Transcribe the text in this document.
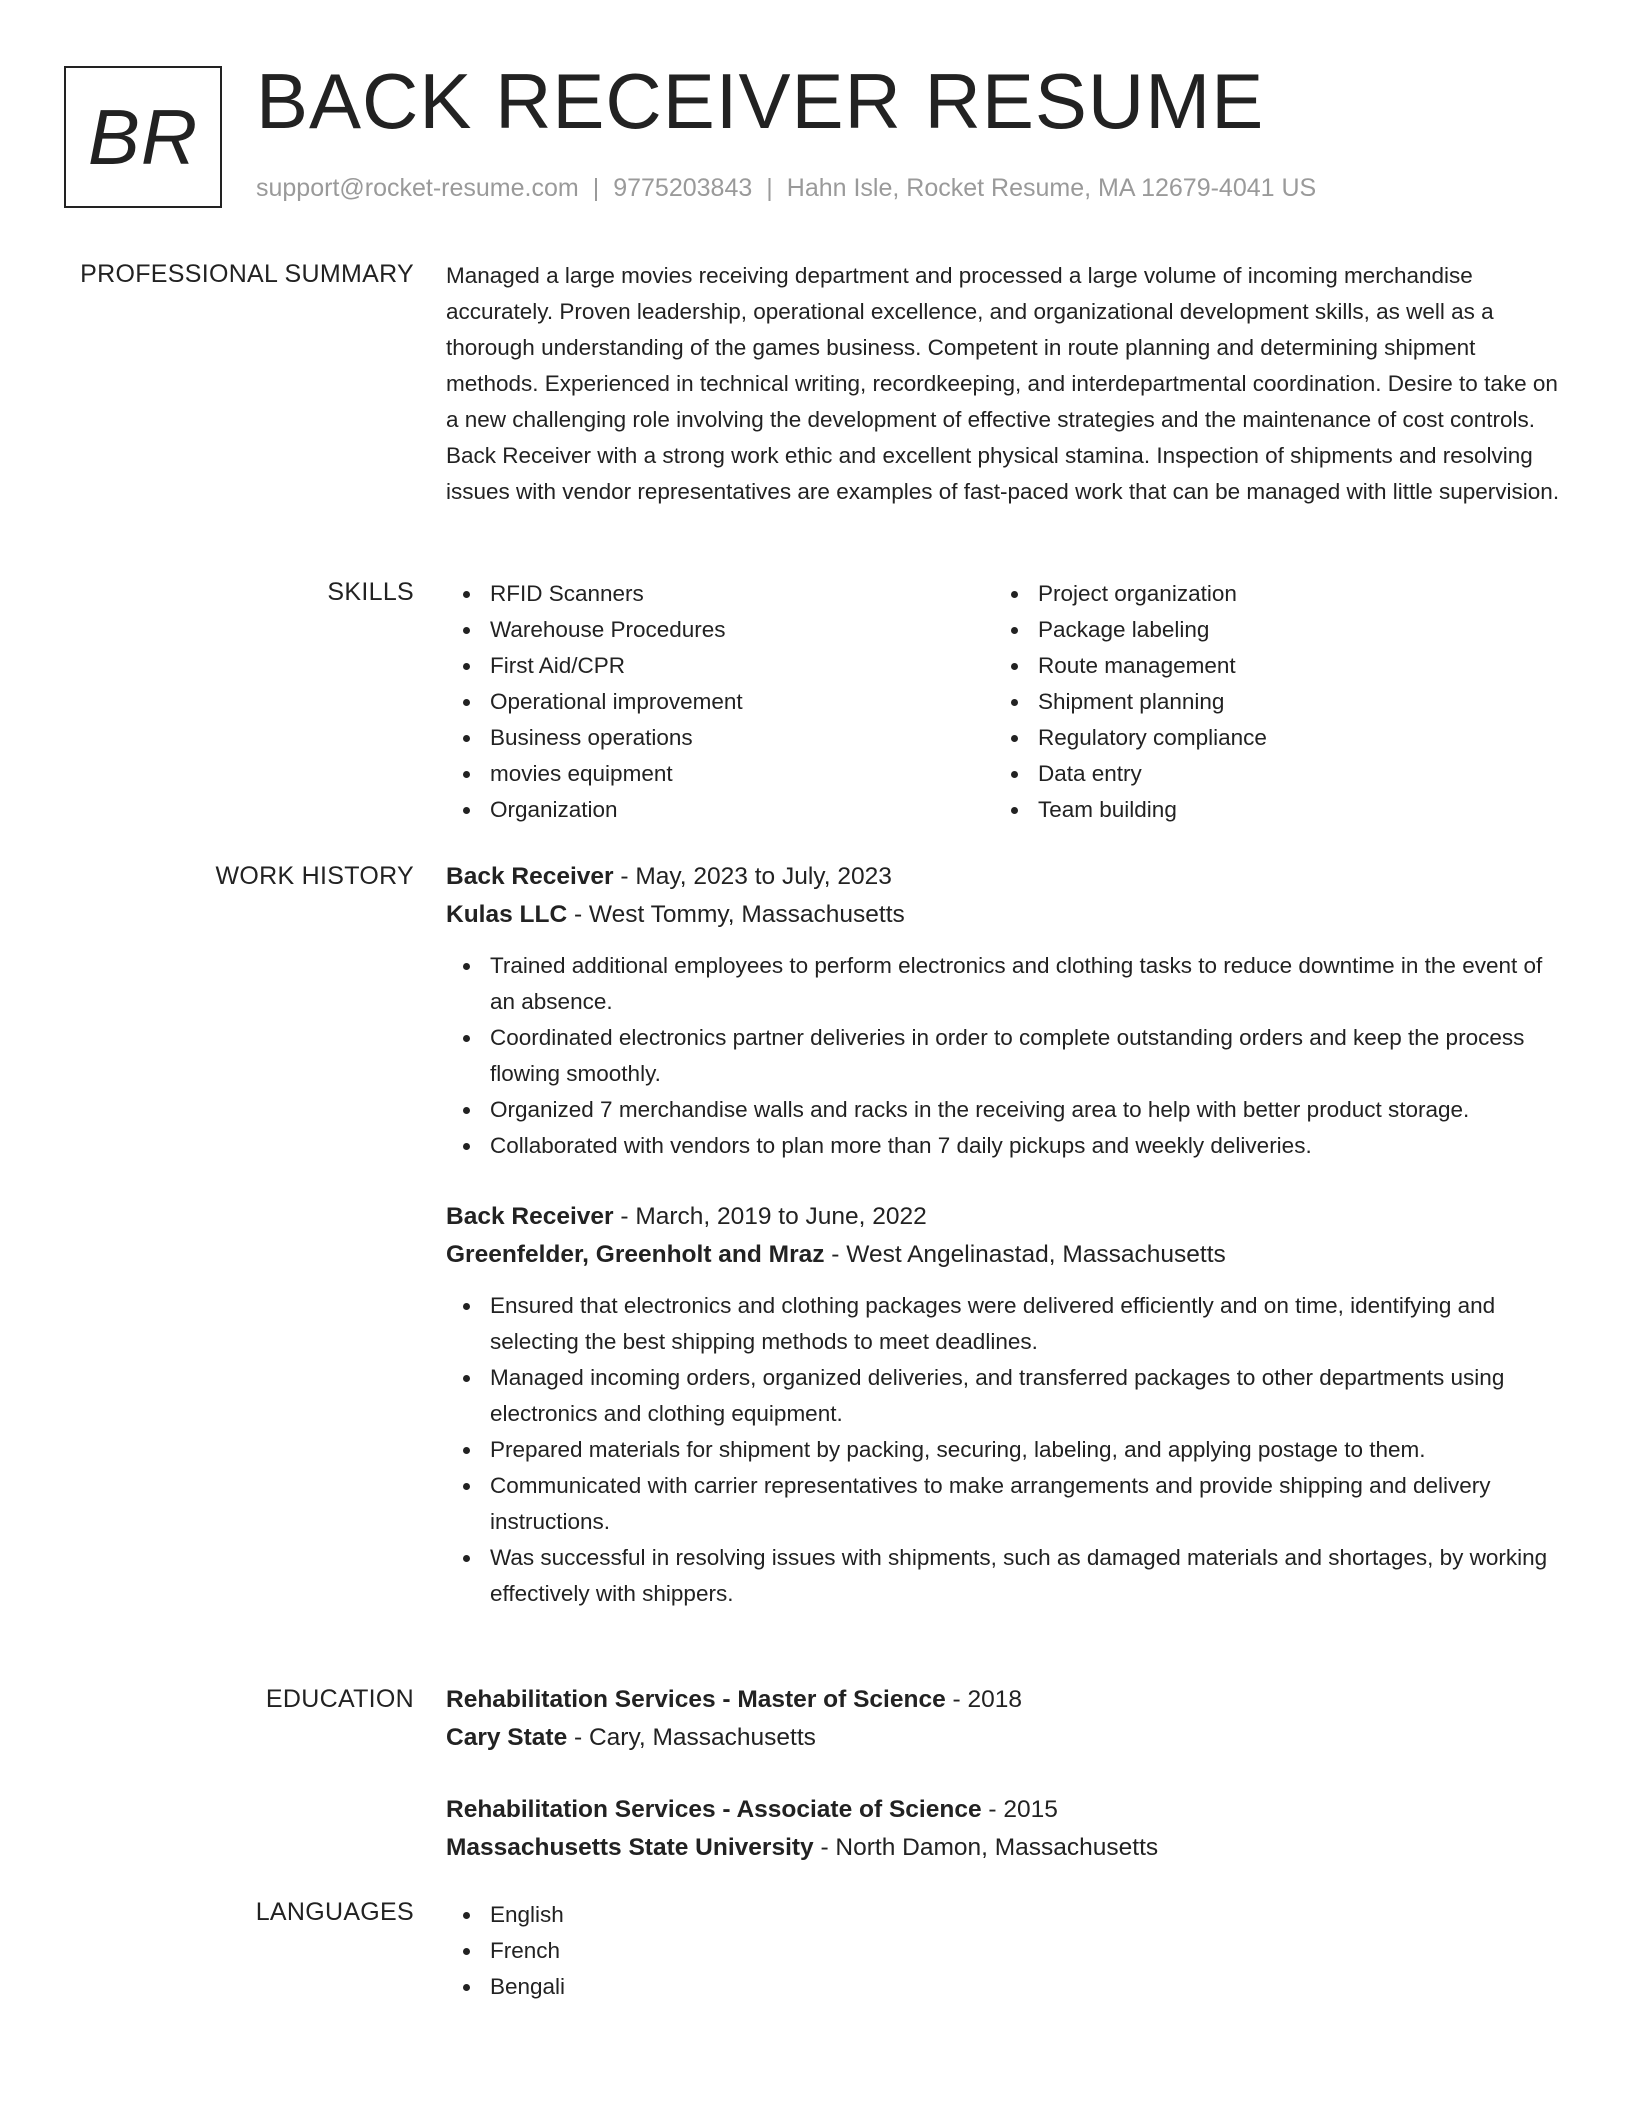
BR BACK RECEIVER RESUME
support@rocket-resume.com | 9775203843 | Hahn Isle, Rocket Resume, MA 12679-4041 US
PROFESSIONAL SUMMARY Managed a large movies receiving department and processed a large volume of incoming merchandise accurately. Proven leadership, operational excellence, and organizational development skills, as well as a thorough understanding of the games business. Competent in route planning and determining shipment methods. Experienced in technical writing, recordkeeping, and interdepartmental coordination. Desire to take on a new challenging role involving the development of effective strategies and the maintenance of cost controls. Back Receiver with a strong work ethic and excellent physical stamina. Inspection of shipments and resolving issues with vendor representatives are examples of fast-paced work that can be managed with little supervision.

SKILLS	RFID Scanners
Warehouse Procedures
First Aid/CPR
Operational improvement
Business operations
movies equipment
Organization
Project organization
Package labeling
Route management
Shipment planning
Regulatory compliance
Data entry
Team building
WORK HISTORY Back Receiver - May, 2023 to July, 2023
Kulas LLC - West Tommy, Massachusetts
Trained additional employees to perform electronics and clothing tasks to reduce downtime in the event of an absence.
Coordinated electronics partner deliveries in order to complete outstanding orders and keep the process flowing smoothly.
Organized 7 merchandise walls and racks in the receiving area to help with better product storage.
Collaborated with vendors to plan more than 7 daily pickups and weekly deliveries.
Back Receiver - March, 2019 to June, 2022
Greenfelder, Greenholt and Mraz - West Angelinastad, Massachusetts
Ensured that electronics and clothing packages were delivered efficiently and on time, identifying and selecting the best shipping methods to meet deadlines.
Managed incoming orders, organized deliveries, and transferred packages to other departments using electronics and clothing equipment.
Prepared materials for shipment by packing, securing, labeling, and applying postage to them.
Communicated with carrier representatives to make arrangements and provide shipping and delivery instructions.
Was successful in resolving issues with shipments, such as damaged materials and shortages, by working effectively with shippers.
EDUCATION Rehabilitation Services - Master of Science - 2018
Cary State - Cary, Massachusetts
Rehabilitation Services - Associate of Science - 2015
Massachusetts State University - North Damon, Massachusetts
LANGUAGES	English
French
Bengali
